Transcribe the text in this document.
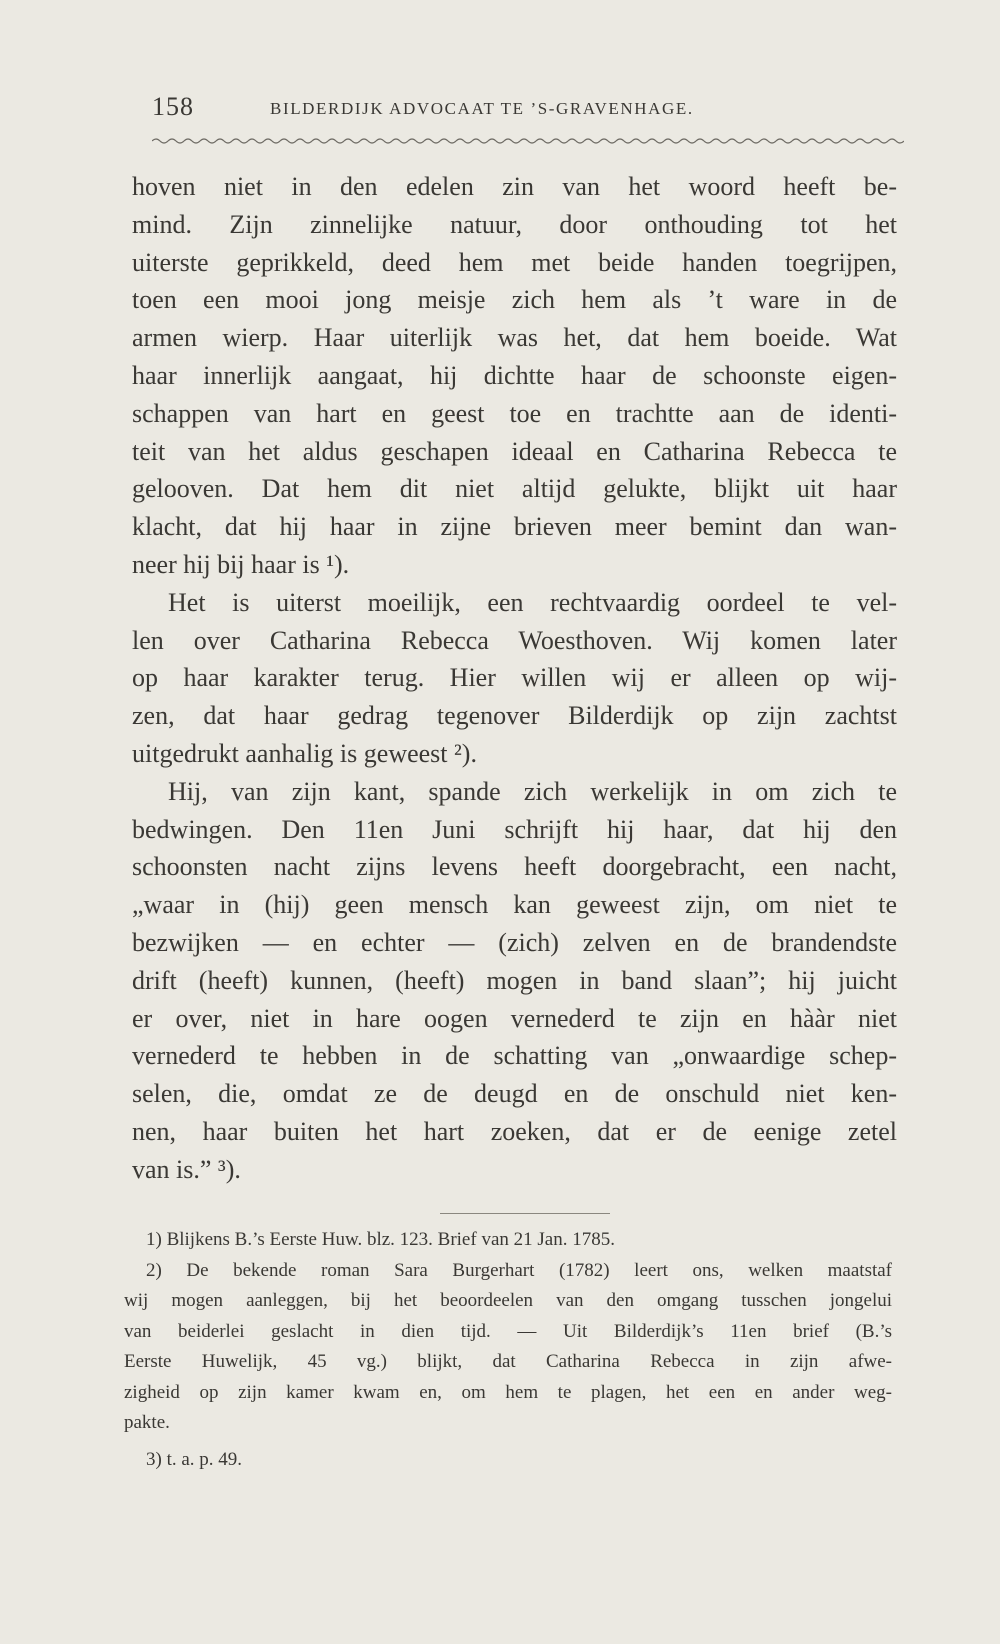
158	BILDERDIJK ADVOCAAT TE ’S-GRAVENHAGE.
hoven niet in den edelen zin van het woord heeft be-
mind. Zijn zinnelijke natuur, door onthouding tot het
uiterste geprikkeld, deed hem met beide handen toegrijpen,
toen een mooi jong meisje zich hem als ’t ware in de
armen wierp. Haar uiterlijk was het, dat hem boeide. Wat
haar innerlijk aangaat, hij dichtte haar de schoonste eigen-
schappen van hart en geest toe en trachtte aan de identi-
teit van het aldus geschapen ideaal en Catharina Rebecca te
gelooven. Dat hem dit niet altijd gelukte, blijkt uit haar
klacht, dat hij haar in zijne brieven meer bemint dan wan-
neer hij bij haar is ¹).
Het is uiterst moeilijk, een rechtvaardig oordeel te vel-
len over Catharina Rebecca Woesthoven. Wij komen later
op haar karakter terug. Hier willen wij er alleen op wij-
zen, dat haar gedrag tegenover Bilderdijk op zijn zachtst
uitgedrukt aanhalig is geweest ²).
Hij, van zijn kant, spande zich werkelijk in om zich te
bedwingen. Den 11en Juni schrijft hij haar, dat hij den
schoonsten nacht zijns levens heeft doorgebracht, een nacht,
„waar in (hij) geen mensch kan geweest zijn, om niet te
bezwijken — en echter — (zich) zelven en de brandendste
drift (heeft) kunnen, (heeft) mogen in band slaan”; hij juicht
er over, niet in hare oogen vernederd te zijn en hààr niet
vernederd te hebben in de schatting van „onwaardige schep-
selen, die, omdat ze de deugd en de onschuld niet ken-
nen, haar buiten het hart zoeken, dat er de eenige zetel
van is.” ³).
1) Blijkens B.’s Eerste Huw. blz. 123. Brief van 21 Jan. 1785.
2) De bekende roman Sara Burgerhart (1782) leert ons, welken maatstaf
wij mogen aanleggen, bij het beoordeelen van den omgang tusschen jongelui
van beiderlei geslacht in dien tijd. — Uit Bilderdijk’s 11en brief (B.’s
Eerste Huwelijk, 45 vg.) blijkt, dat Catharina Rebecca in zijn afwe-
zigheid op zijn kamer kwam en, om hem te plagen, het een en ander weg-
pakte.
3) t. a. p. 49.
